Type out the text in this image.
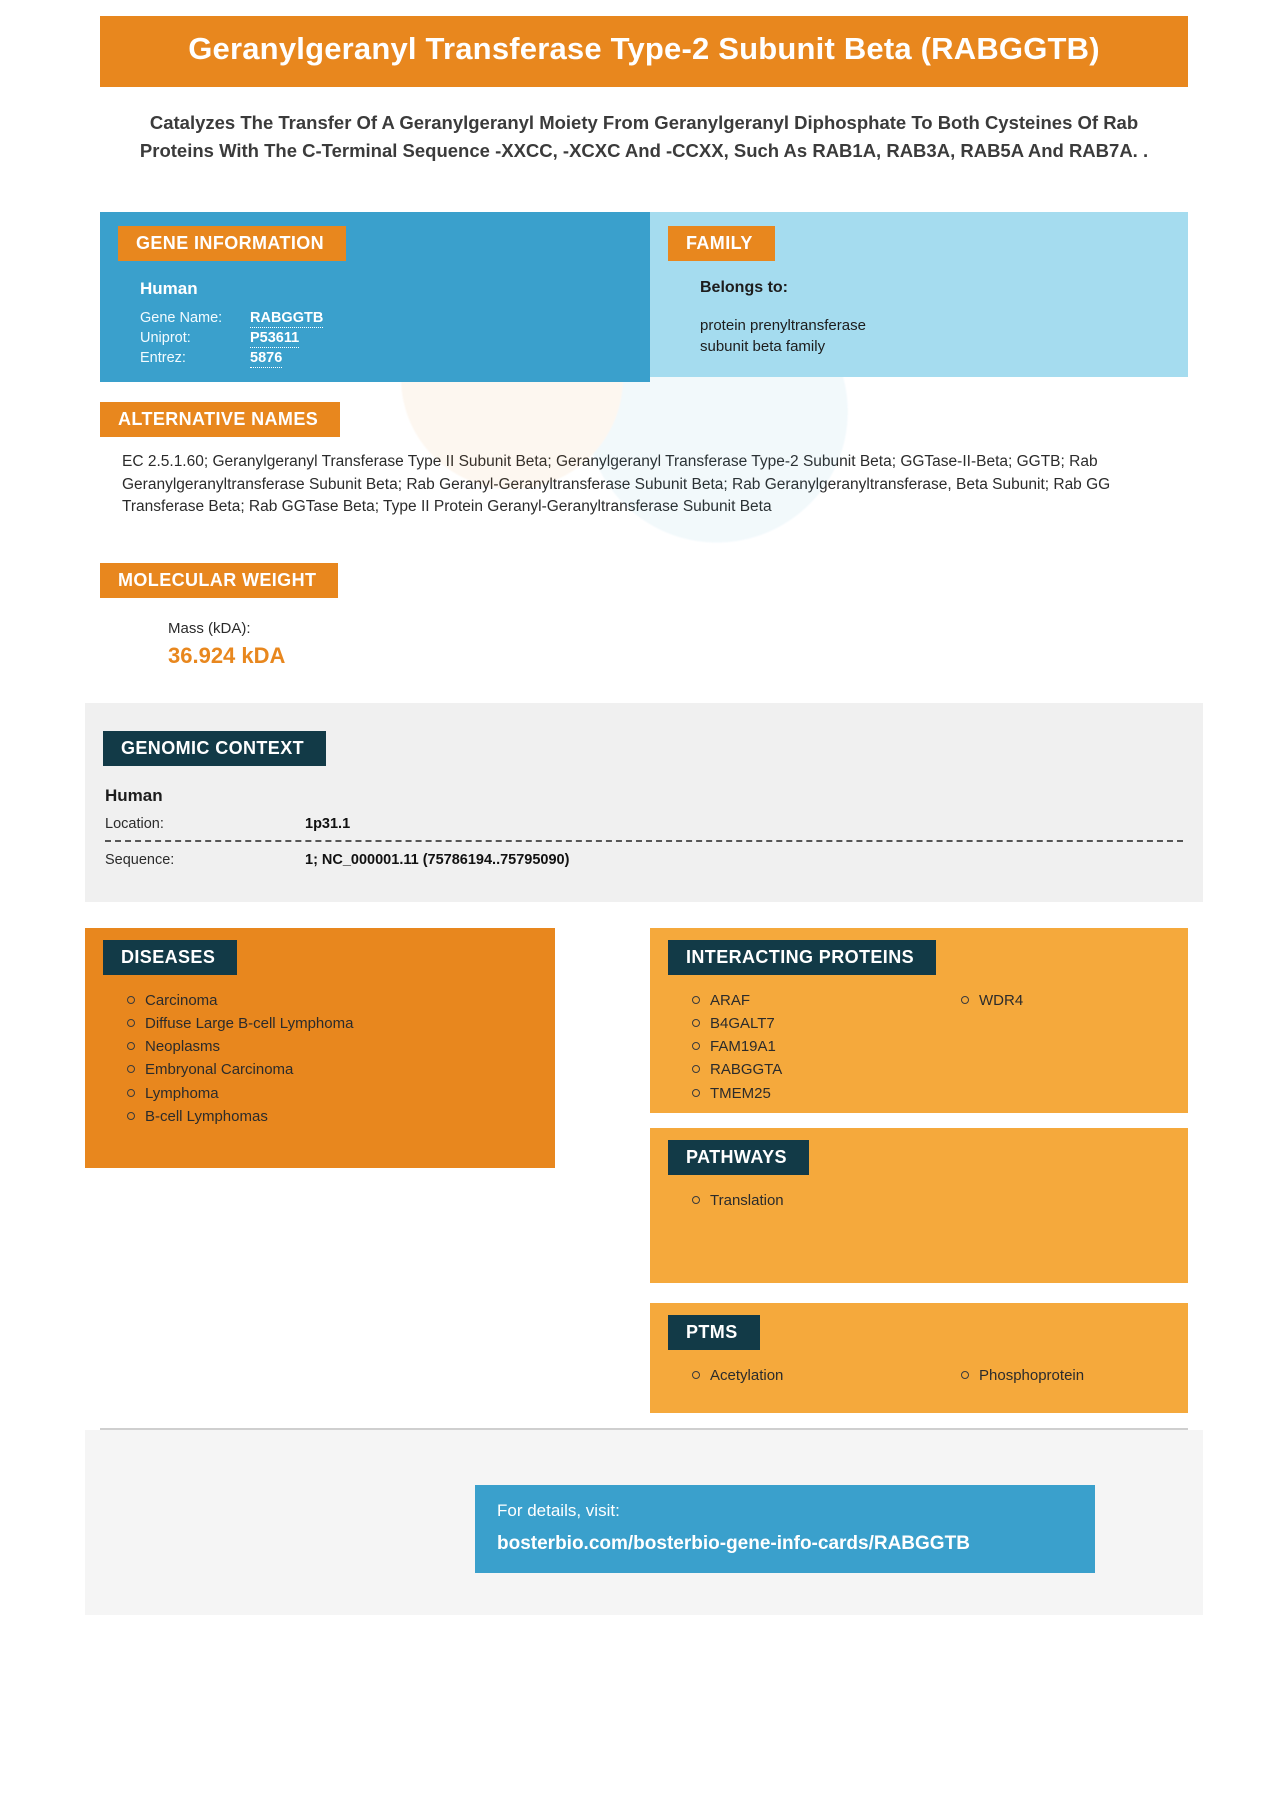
Geranylgeranyl Transferase Type-2 Subunit Beta (RABGGTB)
Catalyzes The Transfer Of A Geranylgeranyl Moiety From Geranylgeranyl Diphosphate To Both Cysteines Of Rab Proteins With The C-Terminal Sequence -XXCC, -XCXC And -CCXX, Such As RAB1A, RAB3A, RAB5A And RAB7A. .
GENE INFORMATION
Human
Gene Name:	RABGGTB
Uniprot:	P53611
Entrez:	5876
FAMILY
Belongs to:
protein prenyltransferase
subunit beta family
ALTERNATIVE NAMES
EC 2.5.1.60; Geranylgeranyl Transferase Type II Subunit Beta; Geranylgeranyl Transferase Type-2 Subunit Beta; GGTase-II-Beta; GGTB; Rab Geranylgeranyltransferase Subunit Beta; Rab Geranyl-Geranyltransferase Subunit Beta; Rab Geranylgeranyltransferase, Beta Subunit; Rab GG Transferase Beta; Rab GGTase Beta; Type II Protein Geranyl-Geranyltransferase Subunit Beta
MOLECULAR WEIGHT
Mass (kDA):
36.924 kDA
GENOMIC CONTEXT
Human
Location:	1p31.1
Sequence:	1; NC_000001.11 (75786194..75795090)
DISEASES
Carcinoma
Diffuse Large B-cell Lymphoma
Neoplasms
Embryonal Carcinoma
Lymphoma
B-cell Lymphomas
INTERACTING PROTEINS
ARAF
B4GALT7
FAM19A1
RABGGTA
TMEM25
WDR4
PATHWAYS
Translation
PTMS
Acetylation	Phosphoprotein
For details, visit:
bosterbio.com/bosterbio-gene-info-cards/RABGGTB
